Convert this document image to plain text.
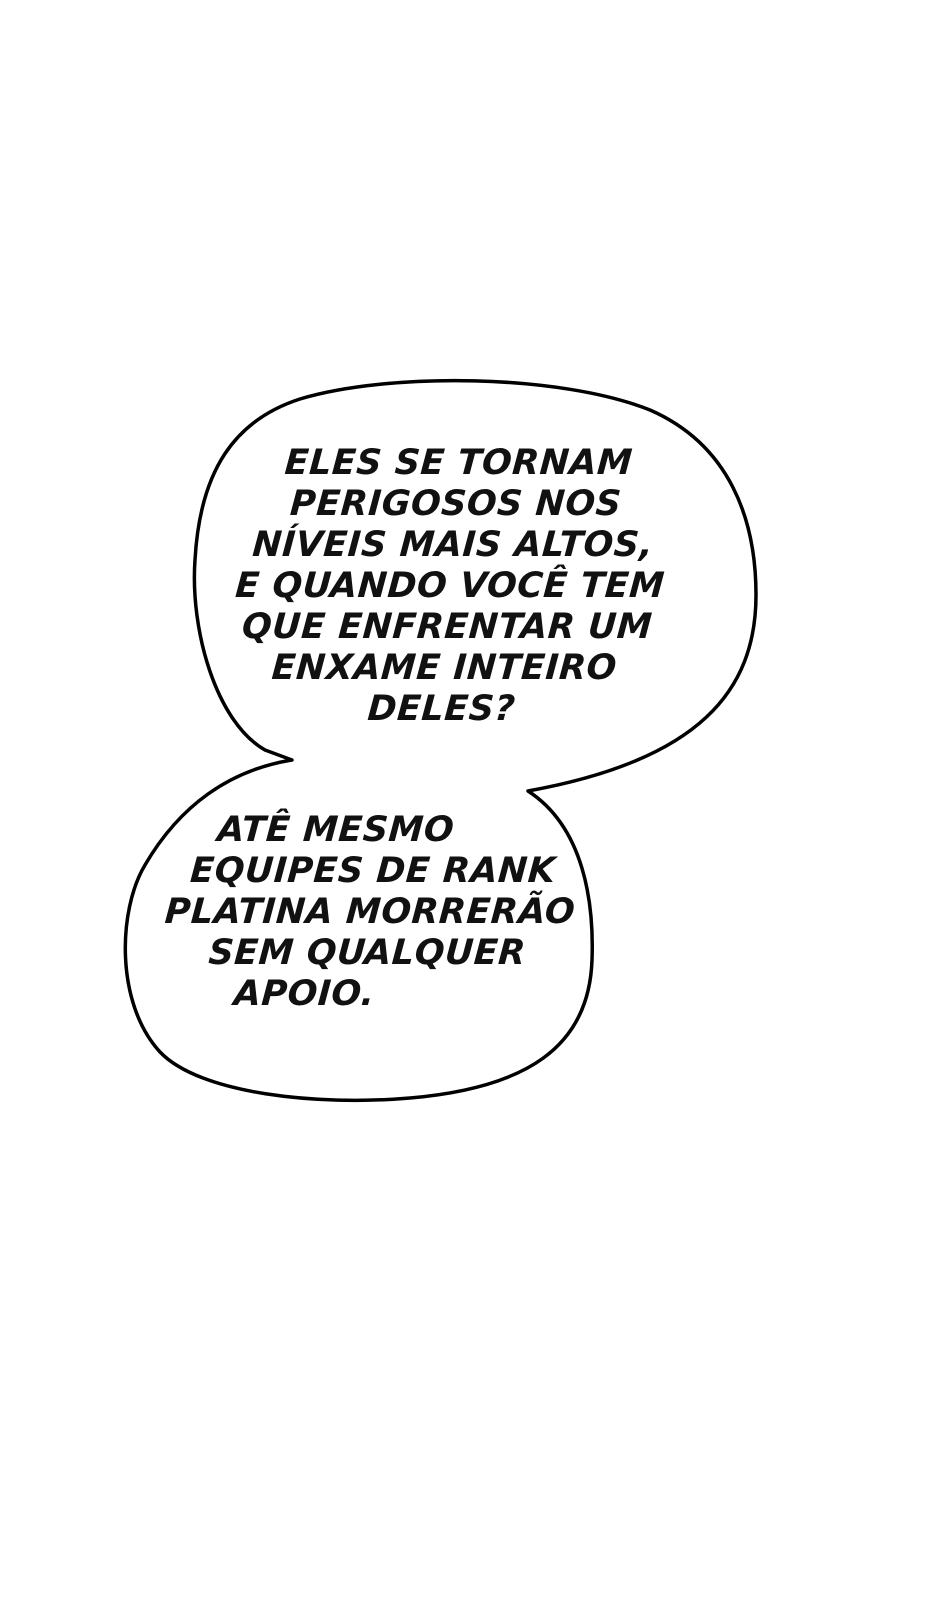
ELES SE TORNAM
PERIGOSOS NOS
NÍVEIS MAIS ALTOS,
E QUANDO VOCÊ TEM
QUE ENFRENTAR UM
ENXAME INTEIRO
DELES?

ATÊ MESMO
EQUIPES DE RANK
PLATINA MORRERÃO
SEM QUALQUER
APOIO.
